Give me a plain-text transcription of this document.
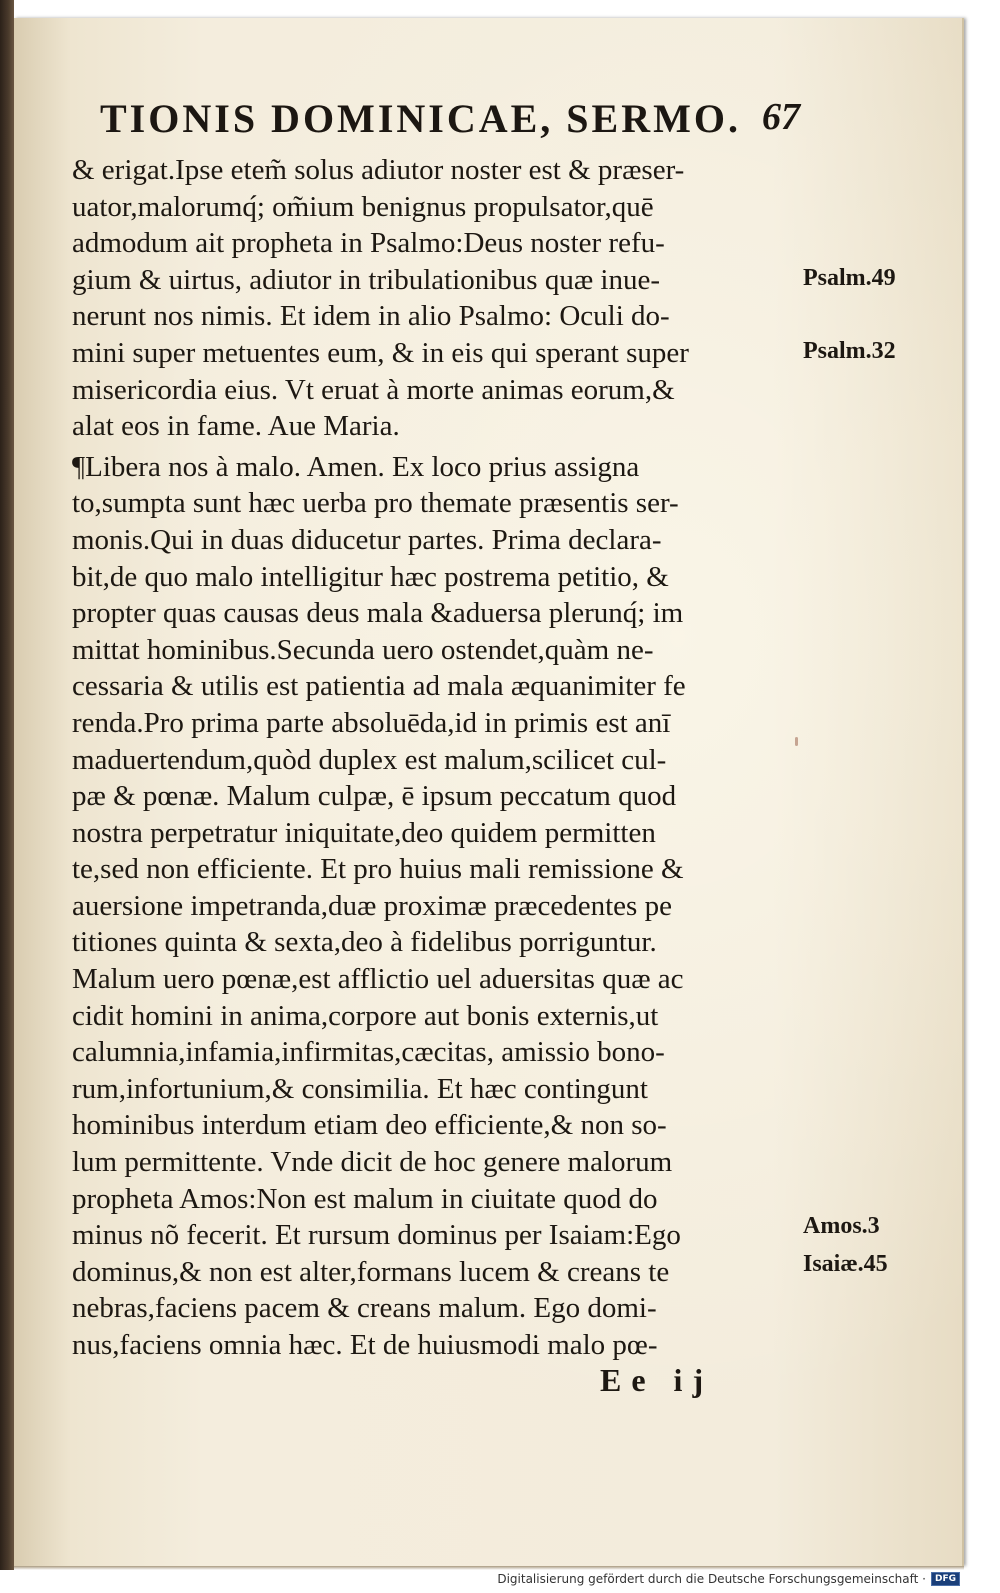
TIONIS DOMINICAE, SERMO. 67
& erigat.Ipse etem̃ solus adiutor noster est & præser-
uator,malorumq́; om̃ium benignus propulsator,quē
admodum ait propheta in Psalmo:Deus noster refu-
gium & uirtus, adiutor in tribulationibus quæ inue-
nerunt nos nimis. Et idem in alio Psalmo: Oculi do-
mini super metuentes eum, & in eis qui sperant super
misericordia eius. Vt eruat à morte animas eorum,&
alat eos in fame. Aue Maria.
¶Libera nos à malo. Amen. Ex loco prius assigna
to,sumpta sunt hæc uerba pro themate præsentis ser-
monis.Qui in duas diducetur partes. Prima declara-
bit,de quo malo intelligitur hæc postrema petitio, &
propter quas causas deus mala &aduersa plerunq́; im
mittat hominibus.Secunda uero ostendet,quàm ne-
cessaria & utilis est patientia ad mala æquanimiter fe
renda.Pro prima parte absoluēda,id in primis est anī
maduertendum,quòd duplex est malum,scilicet cul-
pæ & pœnæ. Malum culpæ, ē ipsum peccatum quod
nostra perpetratur iniquitate,deo quidem permitten
te,sed non efficiente. Et pro huius mali remissione &
auersione impetranda,duæ proximæ præcedentes pe
titiones quinta & sexta,deo à fidelibus porriguntur.
Malum uero pœnæ,est afflictio uel aduersitas quæ ac
cidit homini in anima,corpore aut bonis externis,ut
calumnia,infamia,infirmitas,cæcitas, amissio bono-
rum,infortunium,& consimilia. Et hæc contingunt
hominibus interdum etiam deo efficiente,& non so-
lum permittente. Vnde dicit de hoc genere malorum
propheta Amos:Non est malum in ciuitate quod do
minus nõ fecerit. Et rursum dominus per Isaiam:Ego
dominus,& non est alter,formans lucem & creans te
nebras,faciens pacem & creans malum. Ego domi-
nus,faciens omnia hæc. Et de huiusmodi malo pœ-
Psalm.49
Psalm.32
Amos.3
Isaiæ.45
Ee ij
Digitalisierung gefördert durch die Deutsche Forschungsgemeinschaft ·	DFG
